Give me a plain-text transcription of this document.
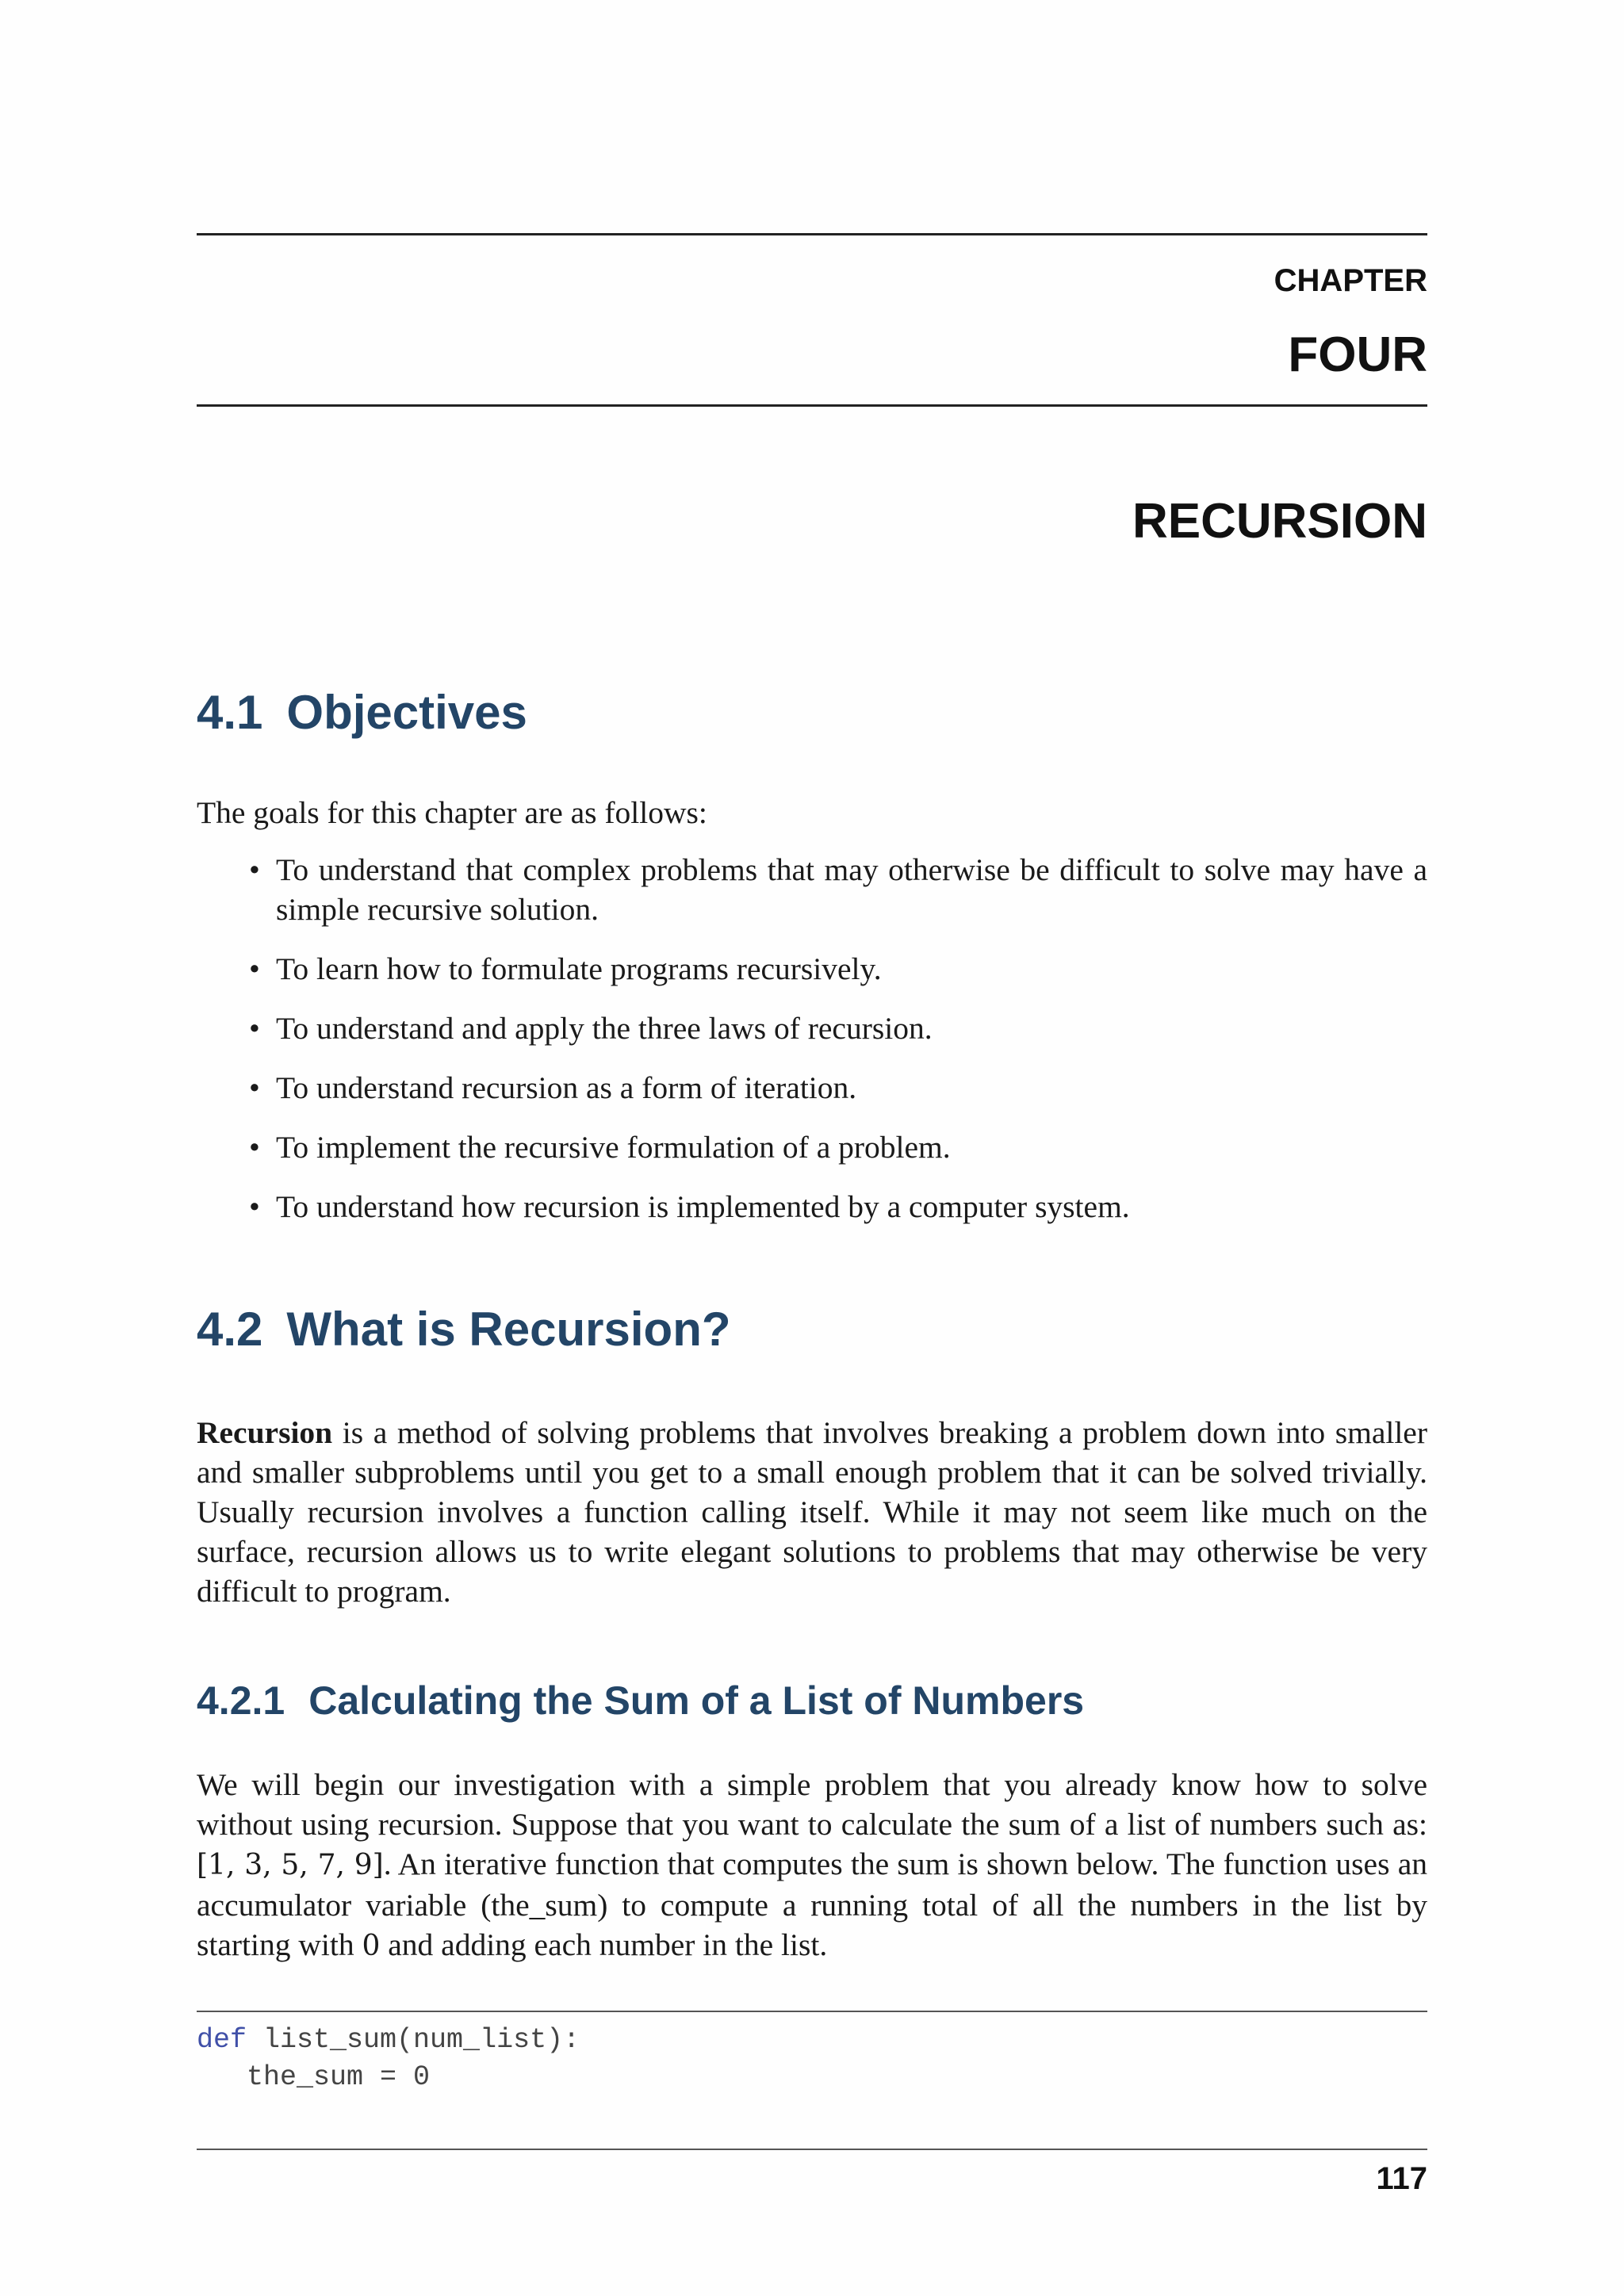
CHAPTER
FOUR
RECURSION
4.1 Objectives
The goals for this chapter are as follows:
• To understand that complex problems that may otherwise be difficult to solve may have a simple recursive solution.
• To learn how to formulate programs recursively.
• To understand and apply the three laws of recursion.
• To understand recursion as a form of iteration.
• To implement the recursive formulation of a problem.
• To understand how recursion is implemented by a computer system.
4.2 What is Recursion?
Recursion is a method of solving problems that involves breaking a problem down into smaller and smaller subproblems until you get to a small enough problem that it can be solved trivially. Usually recursion involves a function calling itself. While it may not seem like much on the surface, recursion allows us to write elegant solutions to problems that may otherwise be very difficult to program.
4.2.1 Calculating the Sum of a List of Numbers
We will begin our investigation with a simple problem that you already know how to solve without using recursion. Suppose that you want to calculate the sum of a list of numbers such as: [1, 3, 5, 7, 9]. An iterative function that computes the sum is shown below. The function uses an accumulator variable (the_sum) to compute a running total of all the numbers in the list by starting with 0 and adding each number in the list.
def list_sum(num_list):
the_sum = 0
117
